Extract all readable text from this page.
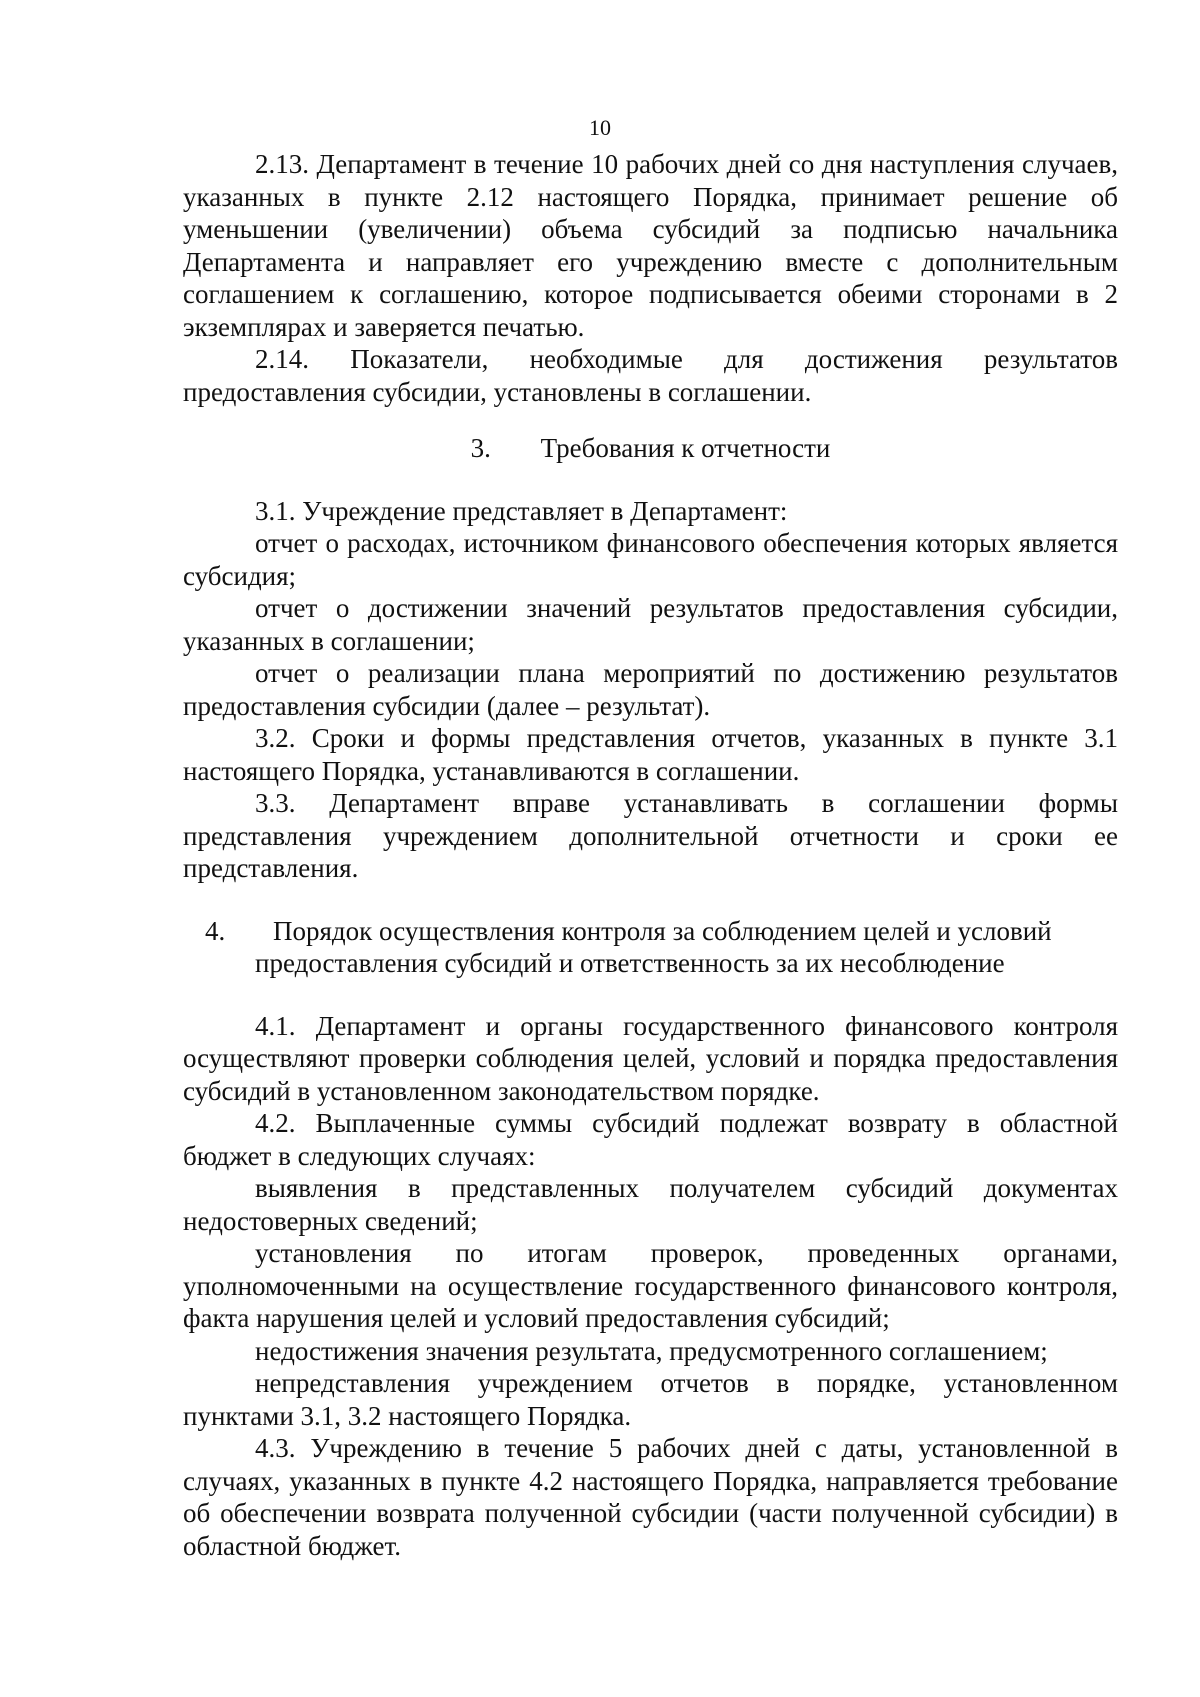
10

2.13. Департамент в течение 10 рабочих дней со дня наступления случаев, указанных в пункте 2.12 настоящего Порядка, принимает решение об уменьшении (увеличении) объема субсидий за подписью начальника Департамента и направляет его учреждению вместе с дополнительным соглашением к соглашению, которое подписывается обеими сторонами в 2 экземплярах и заверяется печатью.

2.14. Показатели, необходимые для достижения результатов предоставления субсидии, установлены в соглашении.

3. Требования к отчетности

3.1. Учреждение представляет в Департамент:

отчет о расходах, источником финансового обеспечения которых является субсидия;

отчет о достижении значений результатов предоставления субсидии, указанных в соглашении;

отчет о реализации плана мероприятий по достижению результатов предоставления субсидии (далее – результат).

3.2. Сроки и формы представления отчетов, указанных в пункте 3.1 настоящего Порядка, устанавливаются в соглашении.

3.3. Департамент вправе устанавливать в соглашении формы представления учреждением дополнительной отчетности и сроки ее представления.

4.	Порядок осуществления контроля за соблюдением целей и условий
предоставления субсидий и ответственность за их несоблюдение

4.1. Департамент и органы государственного финансового контроля осуществляют проверки соблюдения целей, условий и порядка предоставления субсидий в установленном законодательством порядке.

4.2. Выплаченные суммы субсидий подлежат возврату в областной бюджет в следующих случаях:

выявления в представленных получателем субсидий документах недостоверных сведений;

установления по итогам проверок, проведенных органами, уполномоченными на осуществление государственного финансового контроля, факта нарушения целей и условий предоставления субсидий;

недостижения значения результата, предусмотренного соглашением;

непредставления учреждением отчетов в порядке, установленном пунктами 3.1, 3.2 настоящего Порядка.

4.3. Учреждению в течение 5 рабочих дней с даты, установленной в случаях, указанных в пункте 4.2 настоящего Порядка, направляется требование об обеспечении возврата полученной субсидии (части полученной субсидии) в областной бюджет.
